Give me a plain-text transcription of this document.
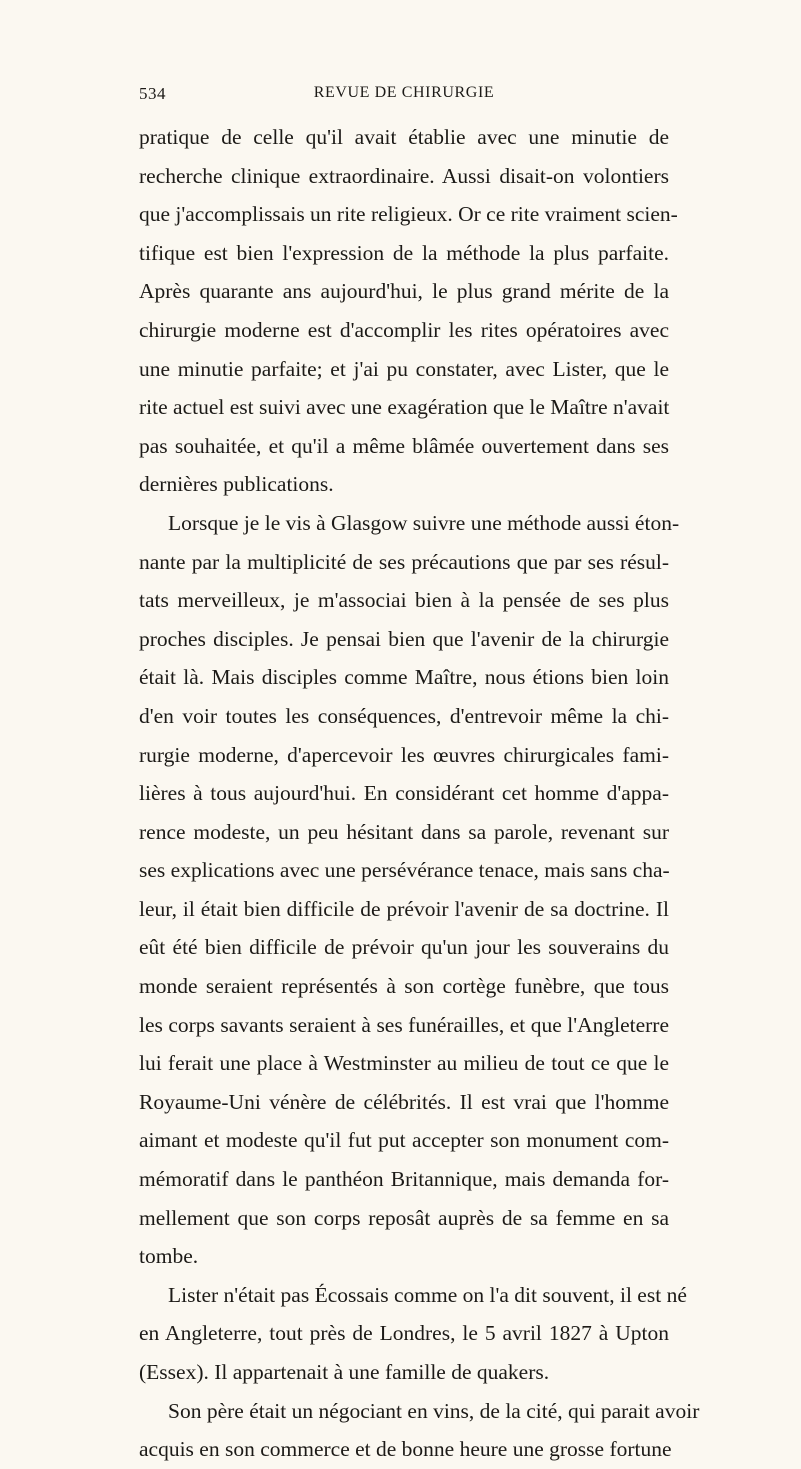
534	REVUE DE CHIRURGIE
pratique de celle qu'il avait établie avec une minutie de
recherche clinique extraordinaire. Aussi disait-on volontiers
que j'accomplissais un rite religieux. Or ce rite vraiment scien-
tifique est bien l'expression de la méthode la plus parfaite.
Après quarante ans aujourd'hui, le plus grand mérite de la
chirurgie moderne est d'accomplir les rites opératoires avec
une minutie parfaite; et j'ai pu constater, avec Lister, que le
rite actuel est suivi avec une exagération que le Maître n'avait
pas souhaitée, et qu'il a même blâmée ouvertement dans ses
dernières publications.
Lorsque je le vis à Glasgow suivre une méthode aussi éton-
nante par la multiplicité de ses précautions que par ses résul-
tats merveilleux, je m'associai bien à la pensée de ses plus
proches disciples. Je pensai bien que l'avenir de la chirurgie
était là. Mais disciples comme Maître, nous étions bien loin
d'en voir toutes les conséquences, d'entrevoir même la chi-
rurgie moderne, d'apercevoir les œuvres chirurgicales fami-
lières à tous aujourd'hui. En considérant cet homme d'appa-
rence modeste, un peu hésitant dans sa parole, revenant sur
ses explications avec une persévérance tenace, mais sans cha-
leur, il était bien difficile de prévoir l'avenir de sa doctrine. Il
eût été bien difficile de prévoir qu'un jour les souverains du
monde seraient représentés à son cortège funèbre, que tous
les corps savants seraient à ses funérailles, et que l'Angleterre
lui ferait une place à Westminster au milieu de tout ce que le
Royaume-Uni vénère de célébrités. Il est vrai que l'homme
aimant et modeste qu'il fut put accepter son monument com-
mémoratif dans le panthéon Britannique, mais demanda for-
mellement que son corps reposât auprès de sa femme en sa
tombe.
Lister n'était pas Écossais comme on l'a dit souvent, il est né
en Angleterre, tout près de Londres, le 5 avril 1827 à Upton
(Essex). Il appartenait à une famille de quakers.
Son père était un négociant en vins, de la cité, qui parait avoir
acquis en son commerce et de bonne heure une grosse fortune
